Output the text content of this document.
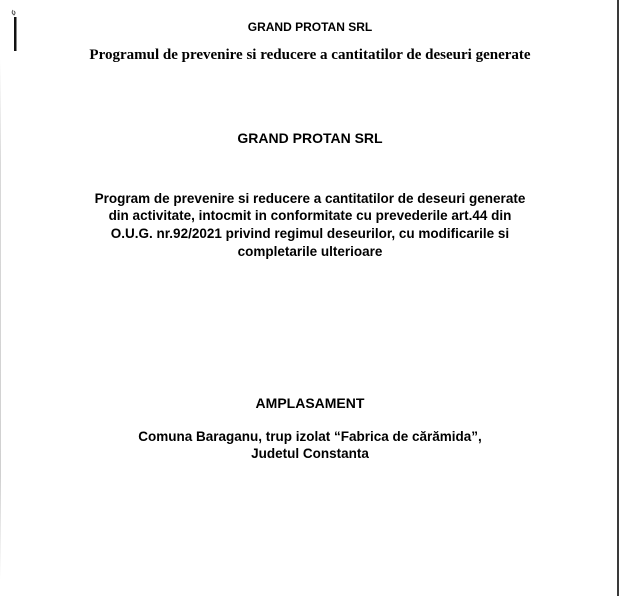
GRAND PROTAN SRL
Programul de prevenire si reducere a cantitatilor de deseuri generate
GRAND PROTAN SRL
Program de prevenire si reducere a cantitatilor de deseuri generate
din activitate, intocmit in conformitate cu prevederile art.44 din
O.U.G. nr.92/2021 privind regimul deseurilor, cu modificarile si
completarile ulterioare
AMPLASAMENT
Comuna Baraganu, trup izolat “Fabrica de cărămida”,
Judetul Constanta
